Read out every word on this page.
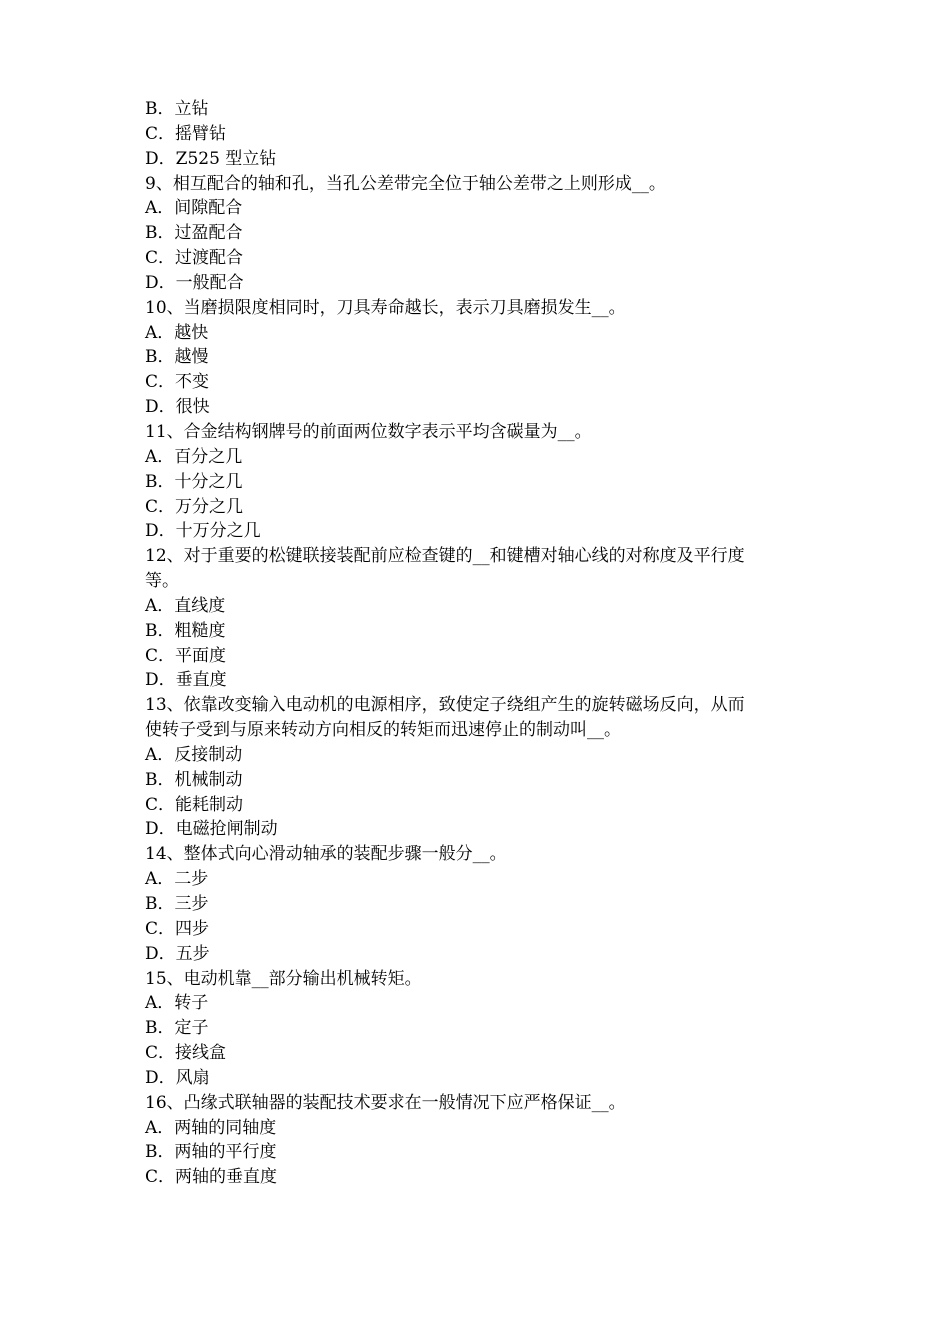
B．立钻
C．摇臂钻
D．Z525 型立钻
9、相互配合的轴和孔，当孔公差带完全位于轴公差带之上则形成__。
A．间隙配合
B．过盈配合
C．过渡配合
D．一般配合
10、当磨损限度相同时，刀具寿命越长，表示刀具磨损发生__。
A．越快
B．越慢
C．不变
D．很快
11、合金结构钢牌号的前面两位数字表示平均含碳量为__。
A．百分之几
B．十分之几
C．万分之几
D．十万分之几
12、对于重要的松键联接装配前应检查键的__和键槽对轴心线的对称度及平行度
等。
A．直线度
B．粗糙度
C．平面度
D．垂直度
13、依靠改变输入电动机的电源相序，致使定子绕组产生的旋转磁场反向，从而
使转子受到与原来转动方向相反的转矩而迅速停止的制动叫__。
A．反接制动
B．机械制动
C．能耗制动
D．电磁抢闸制动
14、整体式向心滑动轴承的装配步骤一般分__。
A．二步
B．三步
C．四步
D．五步
15、电动机靠__部分输出机械转矩。
A．转子
B．定子
C．接线盒
D．风扇
16、凸缘式联轴器的装配技术要求在一般情况下应严格保证__。
A．两轴的同轴度
B．两轴的平行度
C．两轴的垂直度
